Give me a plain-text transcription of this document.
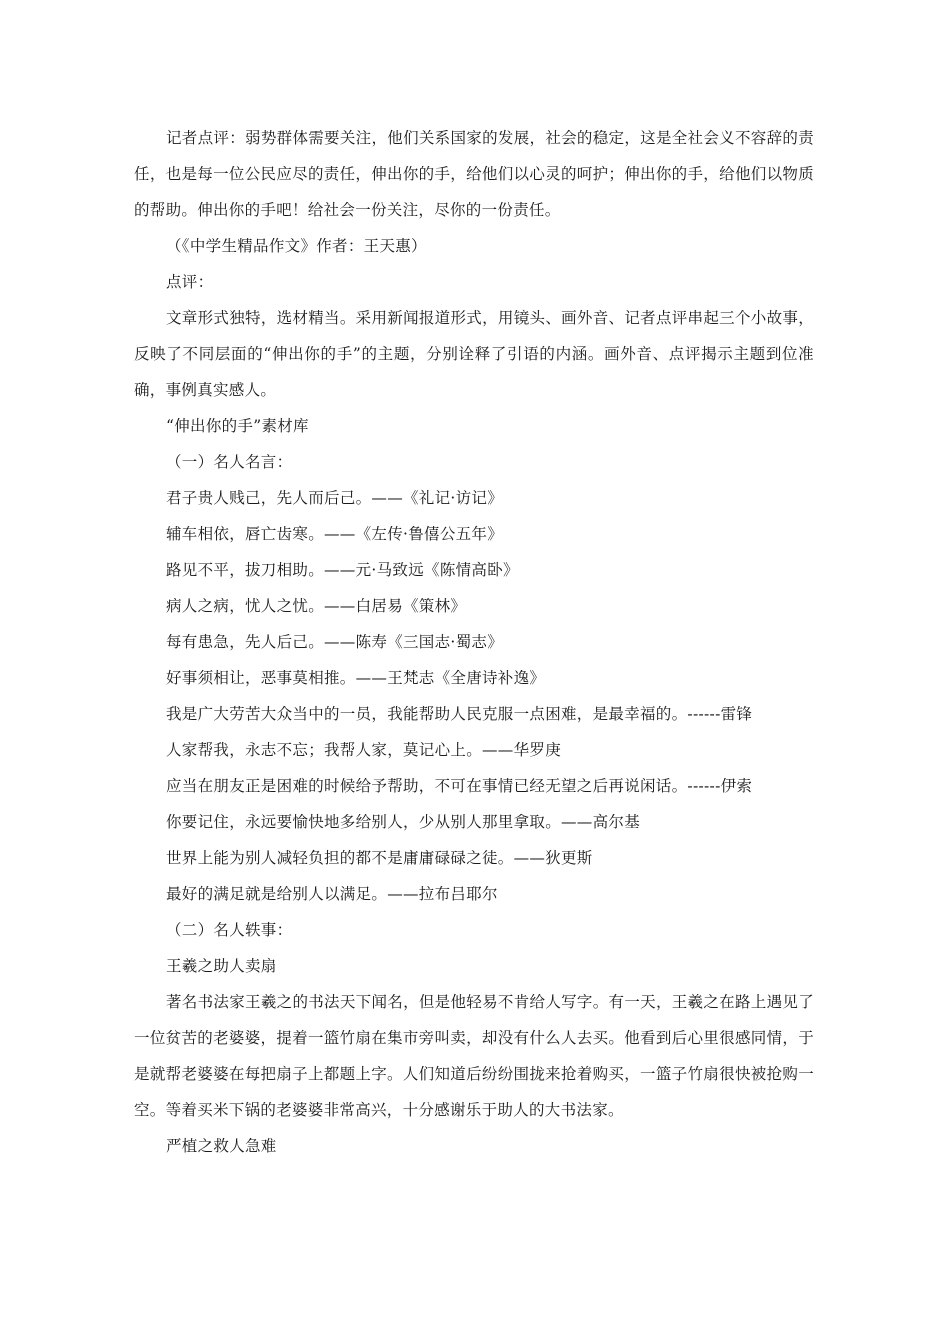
记者点评：弱势群体需要关注，他们关系国家的发展，社会的稳定，这是全社会义不容辞的责任，也是每一位公民应尽的责任，伸出你的手，给他们以心灵的呵护；伸出你的手，给他们以物质的帮助。伸出你的手吧！给社会一份关注，尽你的一份责任。

（《中学生精品作文》作者：王天惠）

点评：

文章形式独特，选材精当。采用新闻报道形式，用镜头、画外音、记者点评串起三个小故事，反映了不同层面的“伸出你的手”的主题，分别诠释了引语的内涵。画外音、点评揭示主题到位准确，事例真实感人。

“伸出你的手”素材库

（一）名人名言：

君子贵人贱己，先人而后己。——《礼记·访记》
辅车相依，唇亡齿寒。——《左传·鲁僖公五年》
路见不平，拔刀相助。——元·马致远《陈情高卧》
病人之病，忧人之忧。——白居易《策林》
每有患急，先人后己。——陈寿《三国志·蜀志》
好事须相让，恶事莫相推。——王梵志《全唐诗补逸》
我是广大劳苦大众当中的一员，我能帮助人民克服一点困难，是最幸福的。------雷锋
人家帮我，永志不忘；我帮人家，莫记心上。——华罗庚
应当在朋友正是困难的时候给予帮助，不可在事情已经无望之后再说闲话。------伊索
你要记住，永远要愉快地多给别人，少从别人那里拿取。——高尔基
世界上能为别人减轻负担的都不是庸庸碌碌之徒。——狄更斯
最好的满足就是给别人以满足。——拉布吕耶尔

（二）名人轶事：

王羲之助人卖扇

著名书法家王羲之的书法天下闻名，但是他轻易不肯给人写字。有一天，王羲之在路上遇见了一位贫苦的老婆婆，提着一篮竹扇在集市旁叫卖，却没有什么人去买。他看到后心里很感同情，于是就帮老婆婆在每把扇子上都题上字。人们知道后纷纷围拢来抢着购买，一篮子竹扇很快被抢购一空。等着买米下锅的老婆婆非常高兴，十分感谢乐于助人的大书法家。

严植之救人急难
